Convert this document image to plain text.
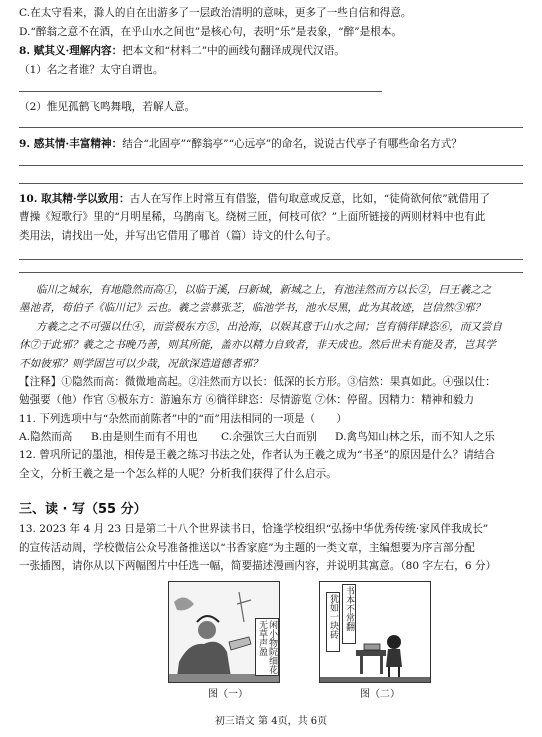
C.在太守看来，滁人的自在出游多了一层政治清明的意味，更多了一些自信和得意。
D.“醉翁之意不在酒，在乎山水之间也”是核心句，表明“乐”是表象，“醉”是根本。
8. 赋其义·理解内容：把本文和“材料二”中的画线句翻译成现代汉语。
（1）名之者谁？太守自谓也。
（2）惟见孤鹤飞鸣舞哦，若解人意。
9. 感其情·丰富精神：结合“北固亭”“醉翁亭”“心远亭”的命名，说说古代亭子有哪些命名方式？
10. 取其精·学以致用：古人在写作上时常互有借鉴，借句取意或反意，比如，“徒倚欲何依”就借用了
曹操《短歌行》里的“月明星稀，乌鹊南飞。绕树三匝，何枝可依？”上面所链接的两则材料中也有此
类用法，请找出一处，并写出它借用了哪首（篇）诗文的什么句子。
临川之城东，有地隐然而高①，以临于溪，曰新城，新城之上，有池洼然而方以长②，曰王羲之之
墨池者，荀伯子《临川记》云也。羲之尝慕张芝，临池学书，池水尽黑，此为其故迹，岂信然③邪？
方羲之之不可强以仕④，而尝极东方⑤，出沧海，以娱其意于山水之间；岂有徜徉肆恣⑥，而又尝自
休⑦于此邪？羲之之书晚乃善，则其所能，盖亦以精力自致者，非天成也。然后世未有能及者，岂其学
不如彼邪？则学固岂可以少哉，况欲深造道德者邪？
【注释】①隐然而高：微微地高起。②洼然而方以长：低深的长方形。③信然：果真如此。④强以仕：
勉强要（他）作官 ⑤极东方：游遍东方 ⑥徜徉肆恣：尽情游览 ⑦休：停留。因精力：精神和毅力
11. 下列选项中与“杂然而前陈者”中的“而”用法相同的一项是（　　）
A.隐然而高 B.由是则生而有不用也 C.余强饮三大白而别 D.禽鸟知山林之乐，而不知人之乐
12. 曾巩所记的墨池，相传是王羲之练习书法之处，作者认为王羲之成为“书圣”的原因是什么？请结合
全文，分析王羲之是一个怎么样的人呢？分析我们获得了什么启示。
三、读 · 写（55 分）
13. 2023 年 4 月 23 日是第二十八个世界读书日，恰逢学校组织“弘扬中华优秀传统·家风伴我成长”
的宣传活动周，学校微信公众号准备推送以“书香家庭”为主题的一类文章，主编想要为序言部分配
一张插图，请你从以下两幅图片中任选一幅，简要描述漫画内容，并说明其寓意。（80 字左右，6 分）
闲小物院细花无草声盈
图（一）
犹如一块砖 书本不常翻
图（二）
初三语文 第 4页，共 6页
